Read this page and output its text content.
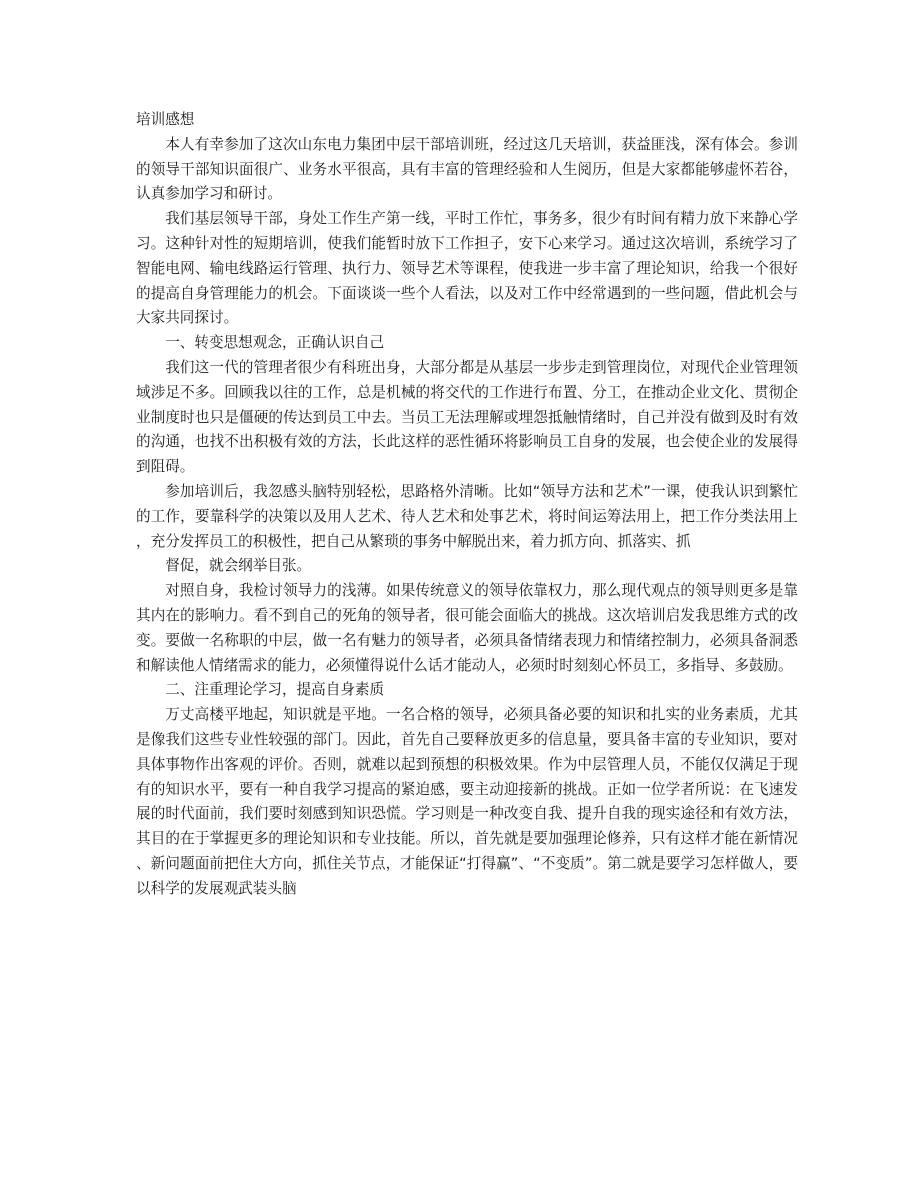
培训感想

本人有幸参加了这次山东电力集团中层干部培训班，经过这几天培训，获益匪浅，深有体会。参训的领导干部知识面很广、业务水平很高，具有丰富的管理经验和人生阅历，但是大家都能够虚怀若谷，认真参加学习和研讨。

我们基层领导干部，身处工作生产第一线，平时工作忙，事务多，很少有时间有精力放下来静心学习。这种针对性的短期培训，使我们能暂时放下工作担子，安下心来学习。通过这次培训，系统学习了智能电网、输电线路运行管理、执行力、领导艺术等课程，使我进一步丰富了理论知识，给我一个很好的提高自身管理能力的机会。下面谈谈一些个人看法，以及对工作中经常遇到的一些问题，借此机会与大家共同探讨。

一、转变思想观念，正确认识自己

我们这一代的管理者很少有科班出身，大部分都是从基层一步步走到管理岗位，对现代企业管理领域涉足不多。回顾我以往的工作，总是机械的将交代的工作进行布置、分工，在推动企业文化、贯彻企业制度时也只是僵硬的传达到员工中去。当员工无法理解或埋怨抵触情绪时，自己并没有做到及时有效的沟通，也找不出积极有效的方法，长此这样的恶性循环将影响员工自身的发展，也会使企业的发展得到阻碍。

参加培训后，我忽感头脑特别轻松，思路格外清晰。比如“领导方法和艺术”一课，使我认识到繁忙的工作，要靠科学的决策以及用人艺术、待人艺术和处事艺术，将时间运筹法用上，把工作分类法用上，充分发挥员工的积极性，把自己从繁琐的事务中解脱出来，着力抓方向、抓落实、抓

督促，就会纲举目张。

对照自身，我检讨领导力的浅薄。如果传统意义的领导依靠权力，那么现代观点的领导则更多是靠其内在的影响力。看不到自己的死角的领导者，很可能会面临大的挑战。这次培训启发我思维方式的改变。要做一名称职的中层，做一名有魅力的领导者，必须具备情绪表现力和情绪控制力，必须具备洞悉和解读他人情绪需求的能力，必须懂得说什么话才能动人，必须时时刻刻心怀员工，多指导、多鼓励。

二、注重理论学习，提高自身素质

万丈高楼平地起，知识就是平地。一名合格的领导，必须具备必要的知识和扎实的业务素质，尤其是像我们这些专业性较强的部门。因此，首先自己要释放更多的信息量，要具备丰富的专业知识，要对具体事物作出客观的评价。否则，就难以起到预想的积极效果。作为中层管理人员，不能仅仅满足于现有的知识水平，要有一种自我学习提高的紧迫感，要主动迎接新的挑战。正如一位学者所说：在飞速发展的时代面前，我们要时刻感到知识恐慌。学习则是一种改变自我、提升自我的现实途径和有效方法，其目的在于掌握更多的理论知识和专业技能。所以，首先就是要加强理论修养，只有这样才能在新情况、新问题面前把住大方向，抓住关节点，才能保证“打得赢”、“不变质”。第二就是要学习怎样做人，要以科学的发展观武装头脑
